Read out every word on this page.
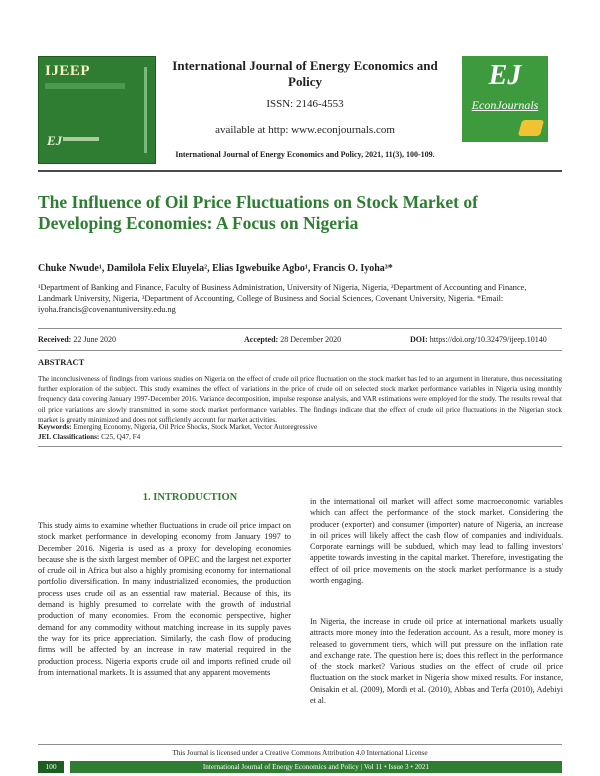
IJEEP
EJ
International Journal of Energy Economics and Policy
ISSN: 2146-4553
available at http: www.econjournals.com
International Journal of Energy Economics and Policy, 2021, 11(3), 100-109.
EJ
EconJournals
The Influence of Oil Price Fluctuations on Stock Market of Developing Economies: A Focus on Nigeria
Chuke Nwude¹, Damilola Felix Eluyela², Elias Igwebuike Agbo¹, Francis O. Iyoha³*
¹Department of Banking and Finance, Faculty of Business Administration, University of Nigeria, Nigeria, ²Department of Accounting and Finance, Landmark University, Nigeria, ³Department of Accounting, College of Business and Social Sciences, Covenant University, Nigeria. *Email: iyoha.francis@covenantuniversity.edu.ng
Received: 22 June 2020	Accepted: 28 December 2020	DOI: https://doi.org/10.32479/ijeep.10140
ABSTRACT
The inconclusiveness of findings from various studies on Nigeria on the effect of crude oil price fluctuation on the stock market has led to an argument in literature, thus necessitating further exploration of the subject. This study examines the effect of variations in the price of crude oil on selected stock market performance variables in Nigeria using monthly frequency data covering January 1997-December 2016. Variance decomposition, impulse response analysis, and VAR estimations were employed for the study. The results reveal that oil price variations are slowly transmitted in some stock market performance variables. The findings indicate that the effect of crude oil price fluctuations in the Nigerian stock market is greatly minimized and does not sufficiently account for market activities.
Keywords: Emerging Economy, Nigeria, Oil Price Shocks, Stock Market, Vector Autoregressive
JEL Classifications: C25, Q47, F4
1. INTRODUCTION
This study aims to examine whether fluctuations in crude oil price impact on stock market performance in developing economy from January 1997 to December 2016. Nigeria is used as a proxy for developing economies because she is the sixth largest member of OPEC and the largest net exporter of crude oil in Africa but also a highly promising economy for international portfolio diversification. In many industrialized economies, the production process uses crude oil as an essential raw material. Because of this, its demand is highly presumed to correlate with the growth of industrial production of many economies. From the economic perspective, higher demand for any commodity without matching increase in its supply paves the way for its price appreciation. Similarly, the cash flow of producing firms will be affected by an increase in raw material required in the production process. Nigeria exports crude oil and imports refined crude oil from international markets. It is assumed that any apparent movements
in the international oil market will affect some macroeconomic variables which can affect the performance of the stock market. Considering the producer (exporter) and consumer (importer) nature of Nigeria, an increase in oil prices will likely affect the cash flow of companies and individuals. Corporate earnings will be subdued, which may lead to falling investors' appetite towards investing in the capital market. Therefore, investigating the effect of oil price movements on the stock market performance is a study worth engaging.
In Nigeria, the increase in crude oil price at international markets usually attracts more money into the federation account. As a result, more money is released to government tiers, which will put pressure on the inflation rate and exchange rate. The question here is; does this reflect in the performance of the stock market? Various studies on the effect of crude oil price fluctuation on the stock market in Nigeria show mixed results. For instance, Onisakin et al. (2009), Mordi et al. (2010), Abbas and Terfa (2010), Adebiyi et al.
This Journal is licensed under a Creative Commons Attribution 4.0 International License
100	International Journal of Energy Economics and Policy | Vol 11 • Issue 3 • 2021
